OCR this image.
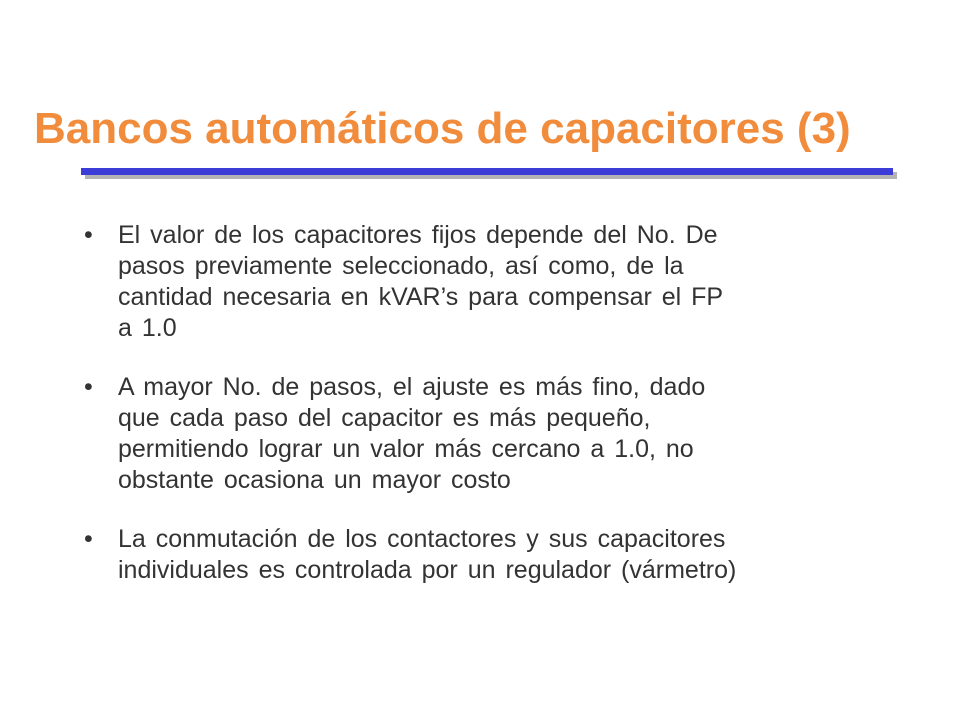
Bancos automáticos de capacitores (3)
•	El valor de los capacitores fijos depende del No. De
pasos previamente seleccionado, así como, de la
cantidad necesaria en kVAR’s para compensar el FP
a 1.0
•	A mayor No. de pasos, el ajuste es más fino, dado
que cada paso del capacitor es más pequeño,
permitiendo lograr un valor más cercano a 1.0, no
obstante ocasiona un mayor costo
•	La conmutación de los contactores y sus capacitores
individuales es controlada por un regulador (vármetro)
